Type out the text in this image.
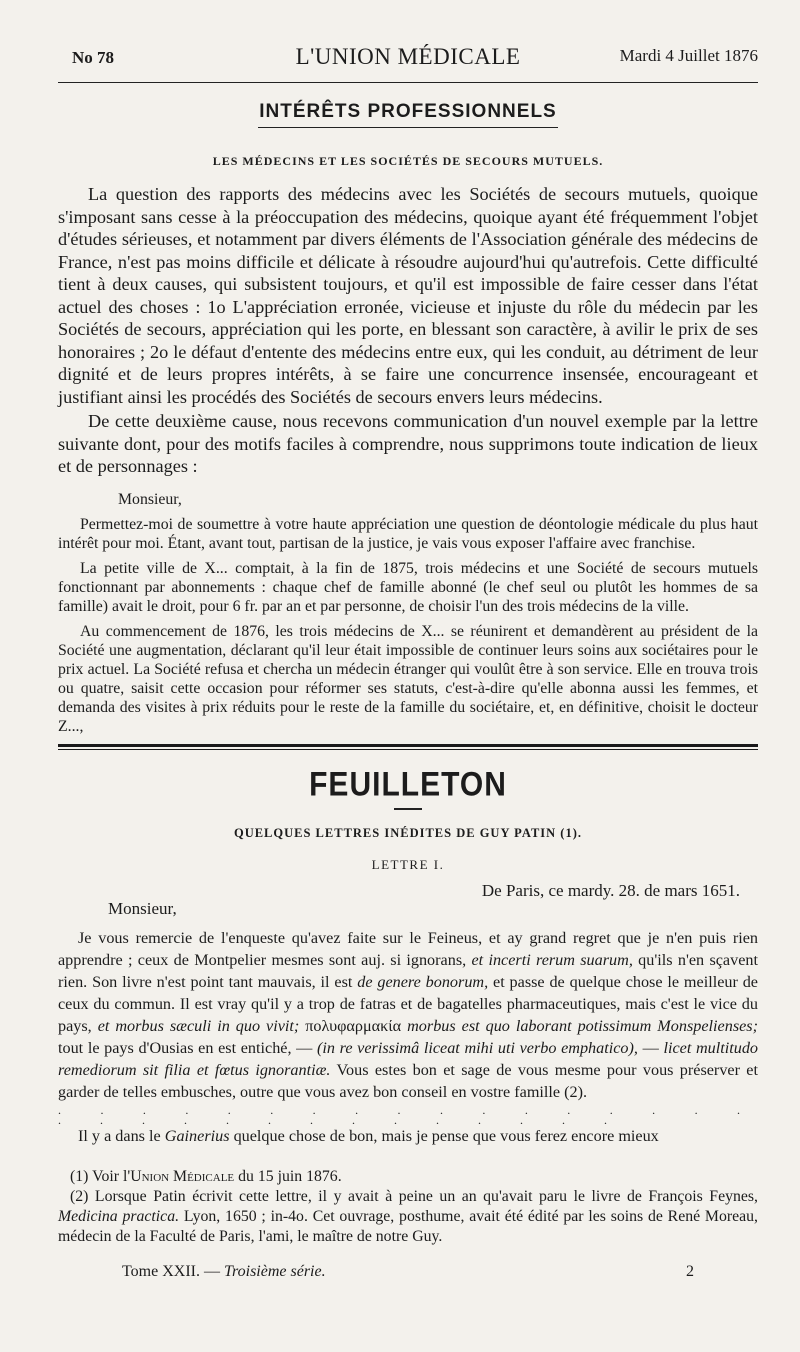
No 78	L'UNION MÉDICALE	Mardi 4 Juillet 1876
INTÉRÊTS PROFESSIONNELS
LES MÉDECINS ET LES SOCIÉTÉS DE SECOURS MUTUELS.

La question des rapports des médecins avec les Sociétés de secours mutuels, quoique s'imposant sans cesse à la préoccupation des médecins, quoique ayant été fréquemment l'objet d'études sérieuses, et notamment par divers éléments de l'Association générale des médecins de France, n'est pas moins difficile et délicate à résoudre aujourd'hui qu'autrefois. Cette difficulté tient à deux causes, qui subsistent toujours, et qu'il est impossible de faire cesser dans l'état actuel des choses : 1o L'appréciation erronée, vicieuse et injuste du rôle du médecin par les Sociétés de secours, appréciation qui les porte, en blessant son caractère, à avilir le prix de ses honoraires ; 2o le défaut d'entente des médecins entre eux, qui les conduit, au détriment de leur dignité et de leurs propres intérêts, à se faire une concurrence insensée, encourageant et justifiant ainsi les procédés des Sociétés de secours envers leurs médecins.

De cette deuxième cause, nous recevons communication d'un nouvel exemple par la lettre suivante dont, pour des motifs faciles à comprendre, nous supprimons toute indication de lieux et de personnages :

Monsieur,

Permettez-moi de soumettre à votre haute appréciation une question de déontologie médicale du plus haut intérêt pour moi. Étant, avant tout, partisan de la justice, je vais vous exposer l'affaire avec franchise.

La petite ville de X... comptait, à la fin de 1875, trois médecins et une Société de secours mutuels fonctionnant par abonnements : chaque chef de famille abonné (le chef seul ou plutôt les hommes de sa famille) avait le droit, pour 6 fr. par an et par personne, de choisir l'un des trois médecins de la ville.

Au commencement de 1876, les trois médecins de X... se réunirent et demandèrent au président de la Société une augmentation, déclarant qu'il leur était impossible de continuer leurs soins aux sociétaires pour le prix actuel. La Société refusa et chercha un médecin étranger qui voulût être à son service. Elle en trouva trois ou quatre, saisit cette occasion pour réformer ses statuts, c'est-à-dire qu'elle abonna aussi les femmes, et demanda des visites à prix réduits pour le reste de la famille du sociétaire, et, en définitive, choisit le docteur Z...,

FEUILLETON
QUELQUES LETTRES INÉDITES DE GUY PATIN (1).
LETTRE I.
De Paris, ce mardy. 28. de mars 1651.
Monsieur,

Je vous remercie de l'enqueste qu'avez faite sur le Feineus, et ay grand regret que je n'en puis rien apprendre ; ceux de Montpelier mesmes sont auj. si ignorans, et incerti rerum suarum, qu'ils n'en sçavent rien. Son livre n'est point tant mauvais, il est de genere bonorum, et passe de quelque chose le meilleur de ceux du commun. Il est vray qu'il y a trop de fatras et de bagatelles pharmaceutiques, mais c'est le vice du pays, et morbus sæculi in quo vivit; πολυφαρμακία morbus est quo laborant potissimum Monspelienses; tout le pays d'Ousias en est entiché, — (in re verissimâ liceat mihi uti verbo emphatico), — licet multitudo remediorum sit filia et fœtus ignorantiæ. Vous estes bon et sage de vous mesme pour vous préserver et garder de telles embusches, outre que vous avez bon conseil en vostre famille (2).

. . . . . . . . . . . . . . . . . . . . . . . . . . . . . . .

Il y a dans le Gainerius quelque chose de bon, mais je pense que vous ferez encore mieux

(1) Voir l'Union Médicale du 15 juin 1876.

(2) Lorsque Patin écrivit cette lettre, il y avait à peine un an qu'avait paru le livre de François Feynes, Medicina practica. Lyon, 1650 ; in-4o. Cet ouvrage, posthume, avait été édité par les soins de René Moreau, médecin de la Faculté de Paris, l'ami, le maître de notre Guy.

Tome XXII. — Troisième série.	2
